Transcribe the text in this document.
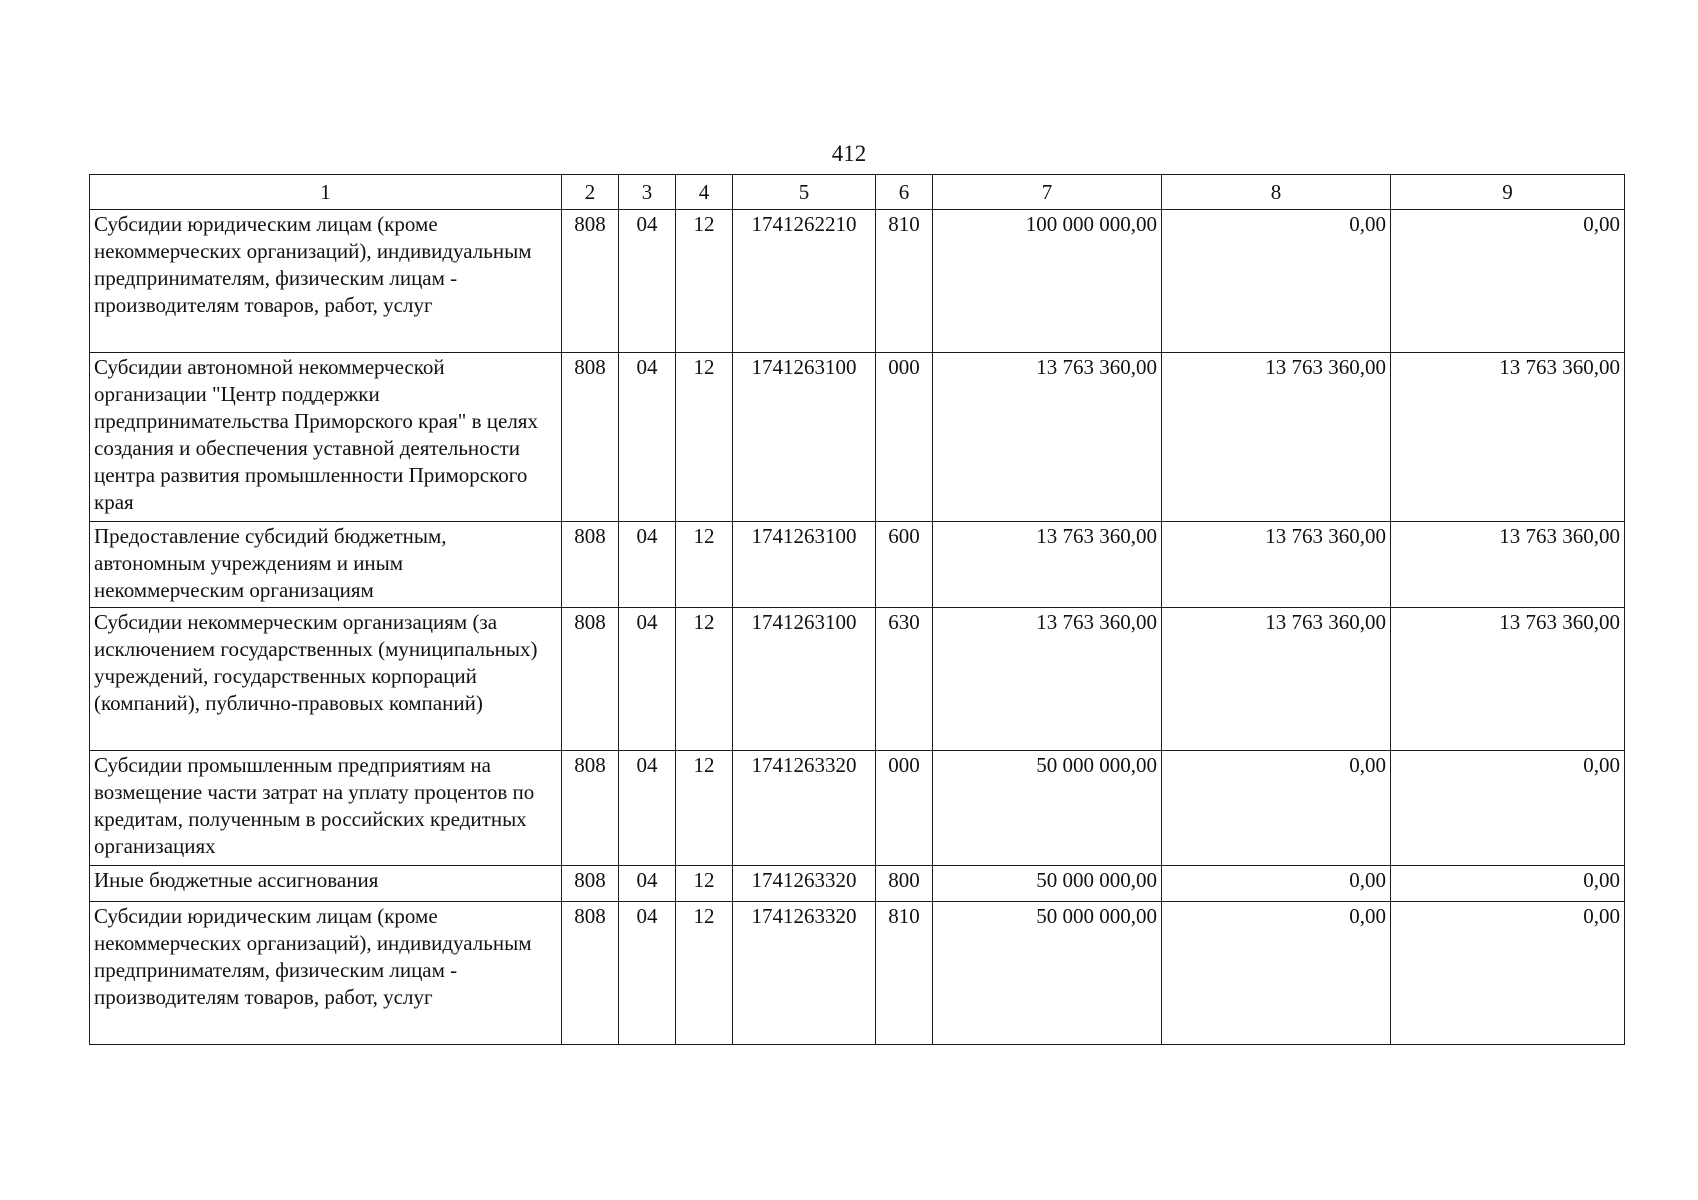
412
1	2	3	4	5	6	7	8	9
Субсидии юридическим лицам (кроме некоммерческих организаций), индивидуальным предпринимателям, физическим лицам - производителям товаров, работ, услуг	808	04	12	1741262210	810	100 000 000,00	0,00	0,00
Субсидии автономной некоммерческой организации "Центр поддержки предпринимательства Приморского края" в целях создания и обеспечения уставной деятельности центра развития промышленности Приморского края	808	04	12	1741263100	000	13 763 360,00	13 763 360,00	13 763 360,00
Предоставление субсидий бюджетным, автономным учреждениям и иным некоммерческим организациям	808	04	12	1741263100	600	13 763 360,00	13 763 360,00	13 763 360,00
Субсидии некоммерческим организациям (за исключением государственных (муниципальных) учреждений, государственных корпораций (компаний), публично-правовых компаний)	808	04	12	1741263100	630	13 763 360,00	13 763 360,00	13 763 360,00
Субсидии промышленным предприятиям на возмещение части затрат на уплату процентов по кредитам, полученным в российских кредитных организациях	808	04	12	1741263320	000	50 000 000,00	0,00	0,00
Иные бюджетные ассигнования	808	04	12	1741263320	800	50 000 000,00	0,00	0,00
Субсидии юридическим лицам (кроме некоммерческих организаций), индивидуальным предпринимателям, физическим лицам - производителям товаров, работ, услуг	808	04	12	1741263320	810	50 000 000,00	0,00	0,00
